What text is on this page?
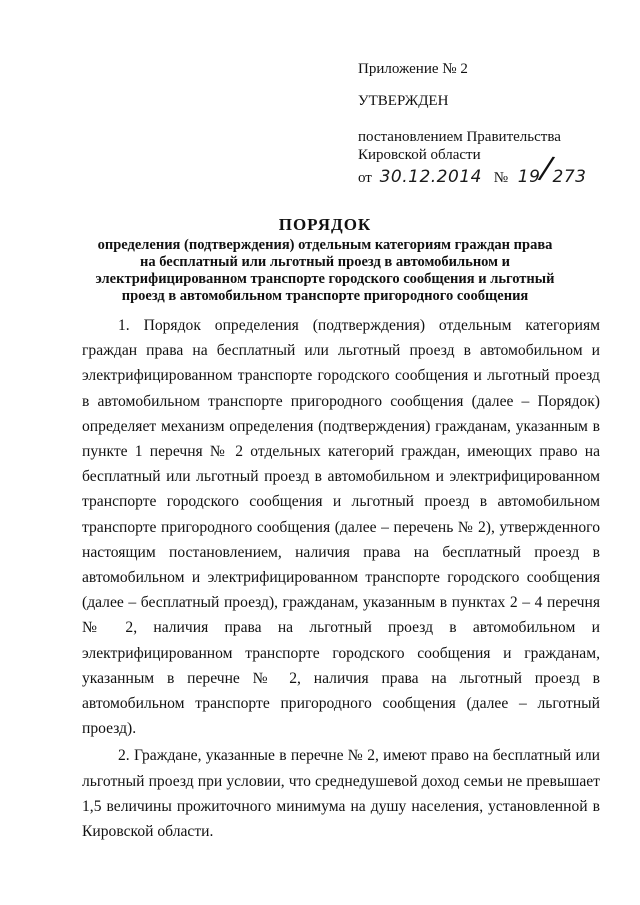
Приложение № 2
УТВЕРЖДЕН
постановлением Правительства
Кировской области
от 30.12.2014 № 19/273
ПОРЯДОК
определения (подтверждения) отдельным категориям граждан права
на бесплатный или льготный проезд в автомобильном и
электрифицированном транспорте городского сообщения и льготный
проезд в автомобильном транспорте пригородного сообщения

1. Порядок определения (подтверждения) отдельным категориям граждан права на бесплатный или льготный проезд в автомобильном и электрифицированном транспорте городского сообщения и льготный проезд в автомобильном транспорте пригородного сообщения (далее – Порядок) определяет механизм определения (подтверждения) гражданам, указанным в пункте 1 перечня № 2 отдельных категорий граждан, имеющих право на бесплатный или льготный проезд в автомобильном и электрифицированном транспорте городского сообщения и льготный проезд в автомобильном транспорте пригородного сообщения (далее – перечень № 2), утвержденного настоящим постановлением, наличия права на бесплатный проезд в автомобильном и электрифицированном транспорте городского сообщения (далее – бесплатный проезд), гражданам, указанным в пунктах 2 – 4 перечня № 2, наличия права на льготный проезд в автомобильном и электрифицированном транспорте городского сообщения и гражданам, указанным в перечне № 2, наличия права на льготный проезд в автомобильном транспорте пригородного сообщения (далее – льготный проезд).

2. Граждане, указанные в перечне № 2, имеют право на бесплатный или льготный проезд при условии, что среднедушевой доход семьи не превышает 1,5 величины прожиточного минимума на душу населения, установленной в Кировской области.
